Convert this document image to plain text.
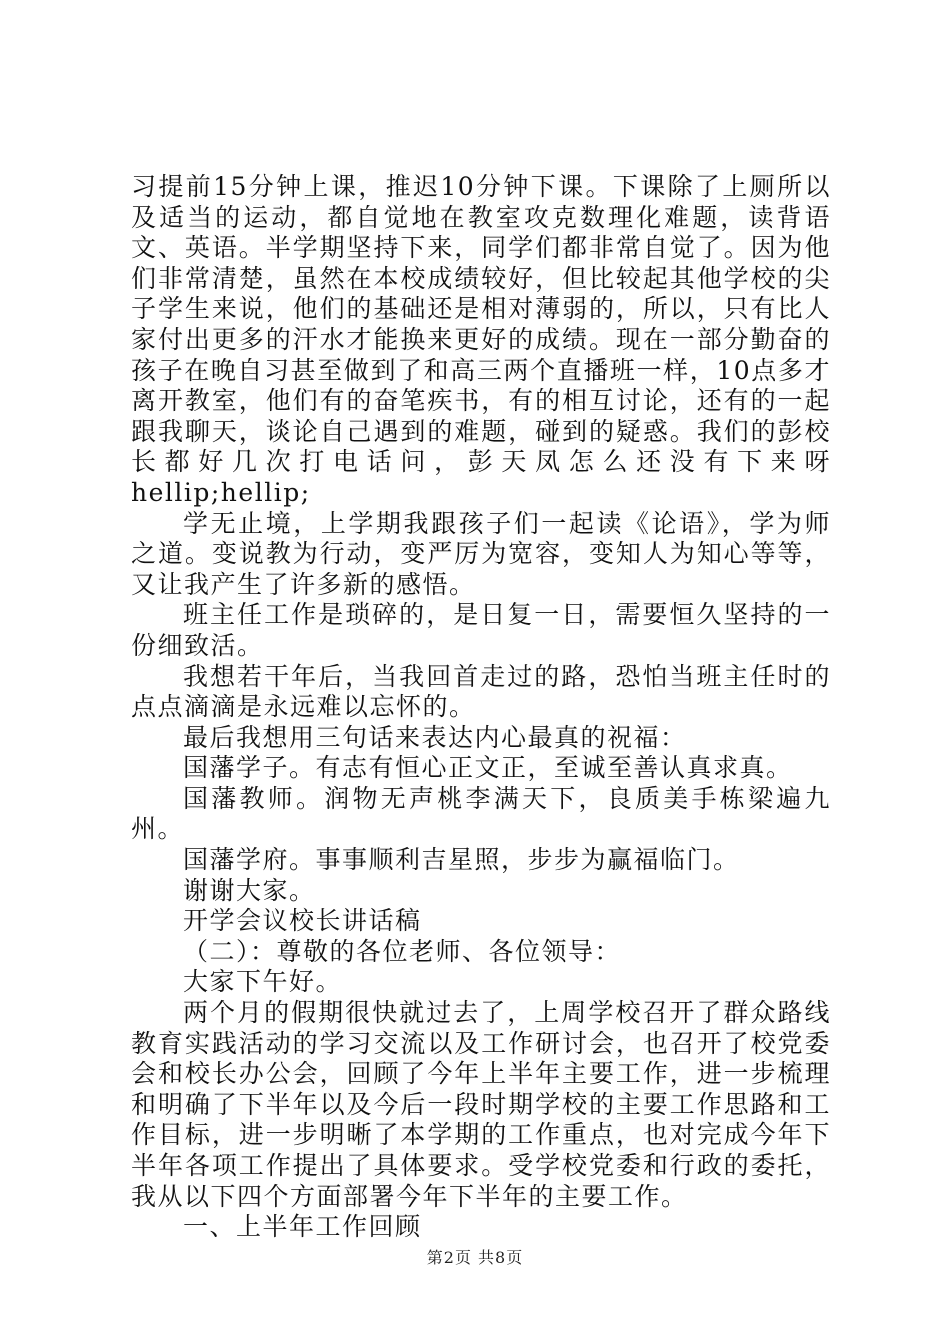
习提前15分钟上课，推迟10分钟下课。下课除了上厕所以及适当的运动，都自觉地在教室攻克数理化难题，读背语文、英语。半学期坚持下来，同学们都非常自觉了。因为他们非常清楚，虽然在本校成绩较好，但比较起其他学校的尖子学生来说，他们的基础还是相对薄弱的，所以，只有比人家付出更多的汗水才能换来更好的成绩。现在一部分勤奋的孩子在晚自习甚至做到了和高三两个直播班一样，10点多才离开教室，他们有的奋笔疾书，有的相互讨论，还有的一起跟我聊天，谈论自己遇到的难题，碰到的疑惑。我们的彭校长都好几次打电话问，彭天凤怎么还没有下来呀hellip;hellip;

学无止境，上学期我跟孩子们一起读《论语》，学为师之道。变说教为行动，变严厉为宽容，变知人为知心等等，又让我产生了许多新的感悟。

班主任工作是琐碎的，是日复一日，需要恒久坚持的一份细致活。

我想若干年后，当我回首走过的路，恐怕当班主任时的点点滴滴是永远难以忘怀的。

最后我想用三句话来表达内心最真的祝福：

国藩学子。有志有恒心正文正，至诚至善认真求真。

国藩教师。润物无声桃李满天下，良质美手栋梁遍九州。

国藩学府。事事顺利吉星照，步步为赢福临门。

谢谢大家。

开学会议校长讲话稿

（二）：尊敬的各位老师、各位领导：

大家下午好。

两个月的假期很快就过去了，上周学校召开了群众路线教育实践活动的学习交流以及工作研讨会，也召开了校党委会和校长办公会，回顾了今年上半年主要工作，进一步梳理和明确了下半年以及今后一段时期学校的主要工作思路和工作目标，进一步明晰了本学期的工作重点，也对完成今年下半年各项工作提出了具体要求。受学校党委和行政的委托，我从以下四个方面部署今年下半年的主要工作。

一、上半年工作回顾

第2页 共8页
